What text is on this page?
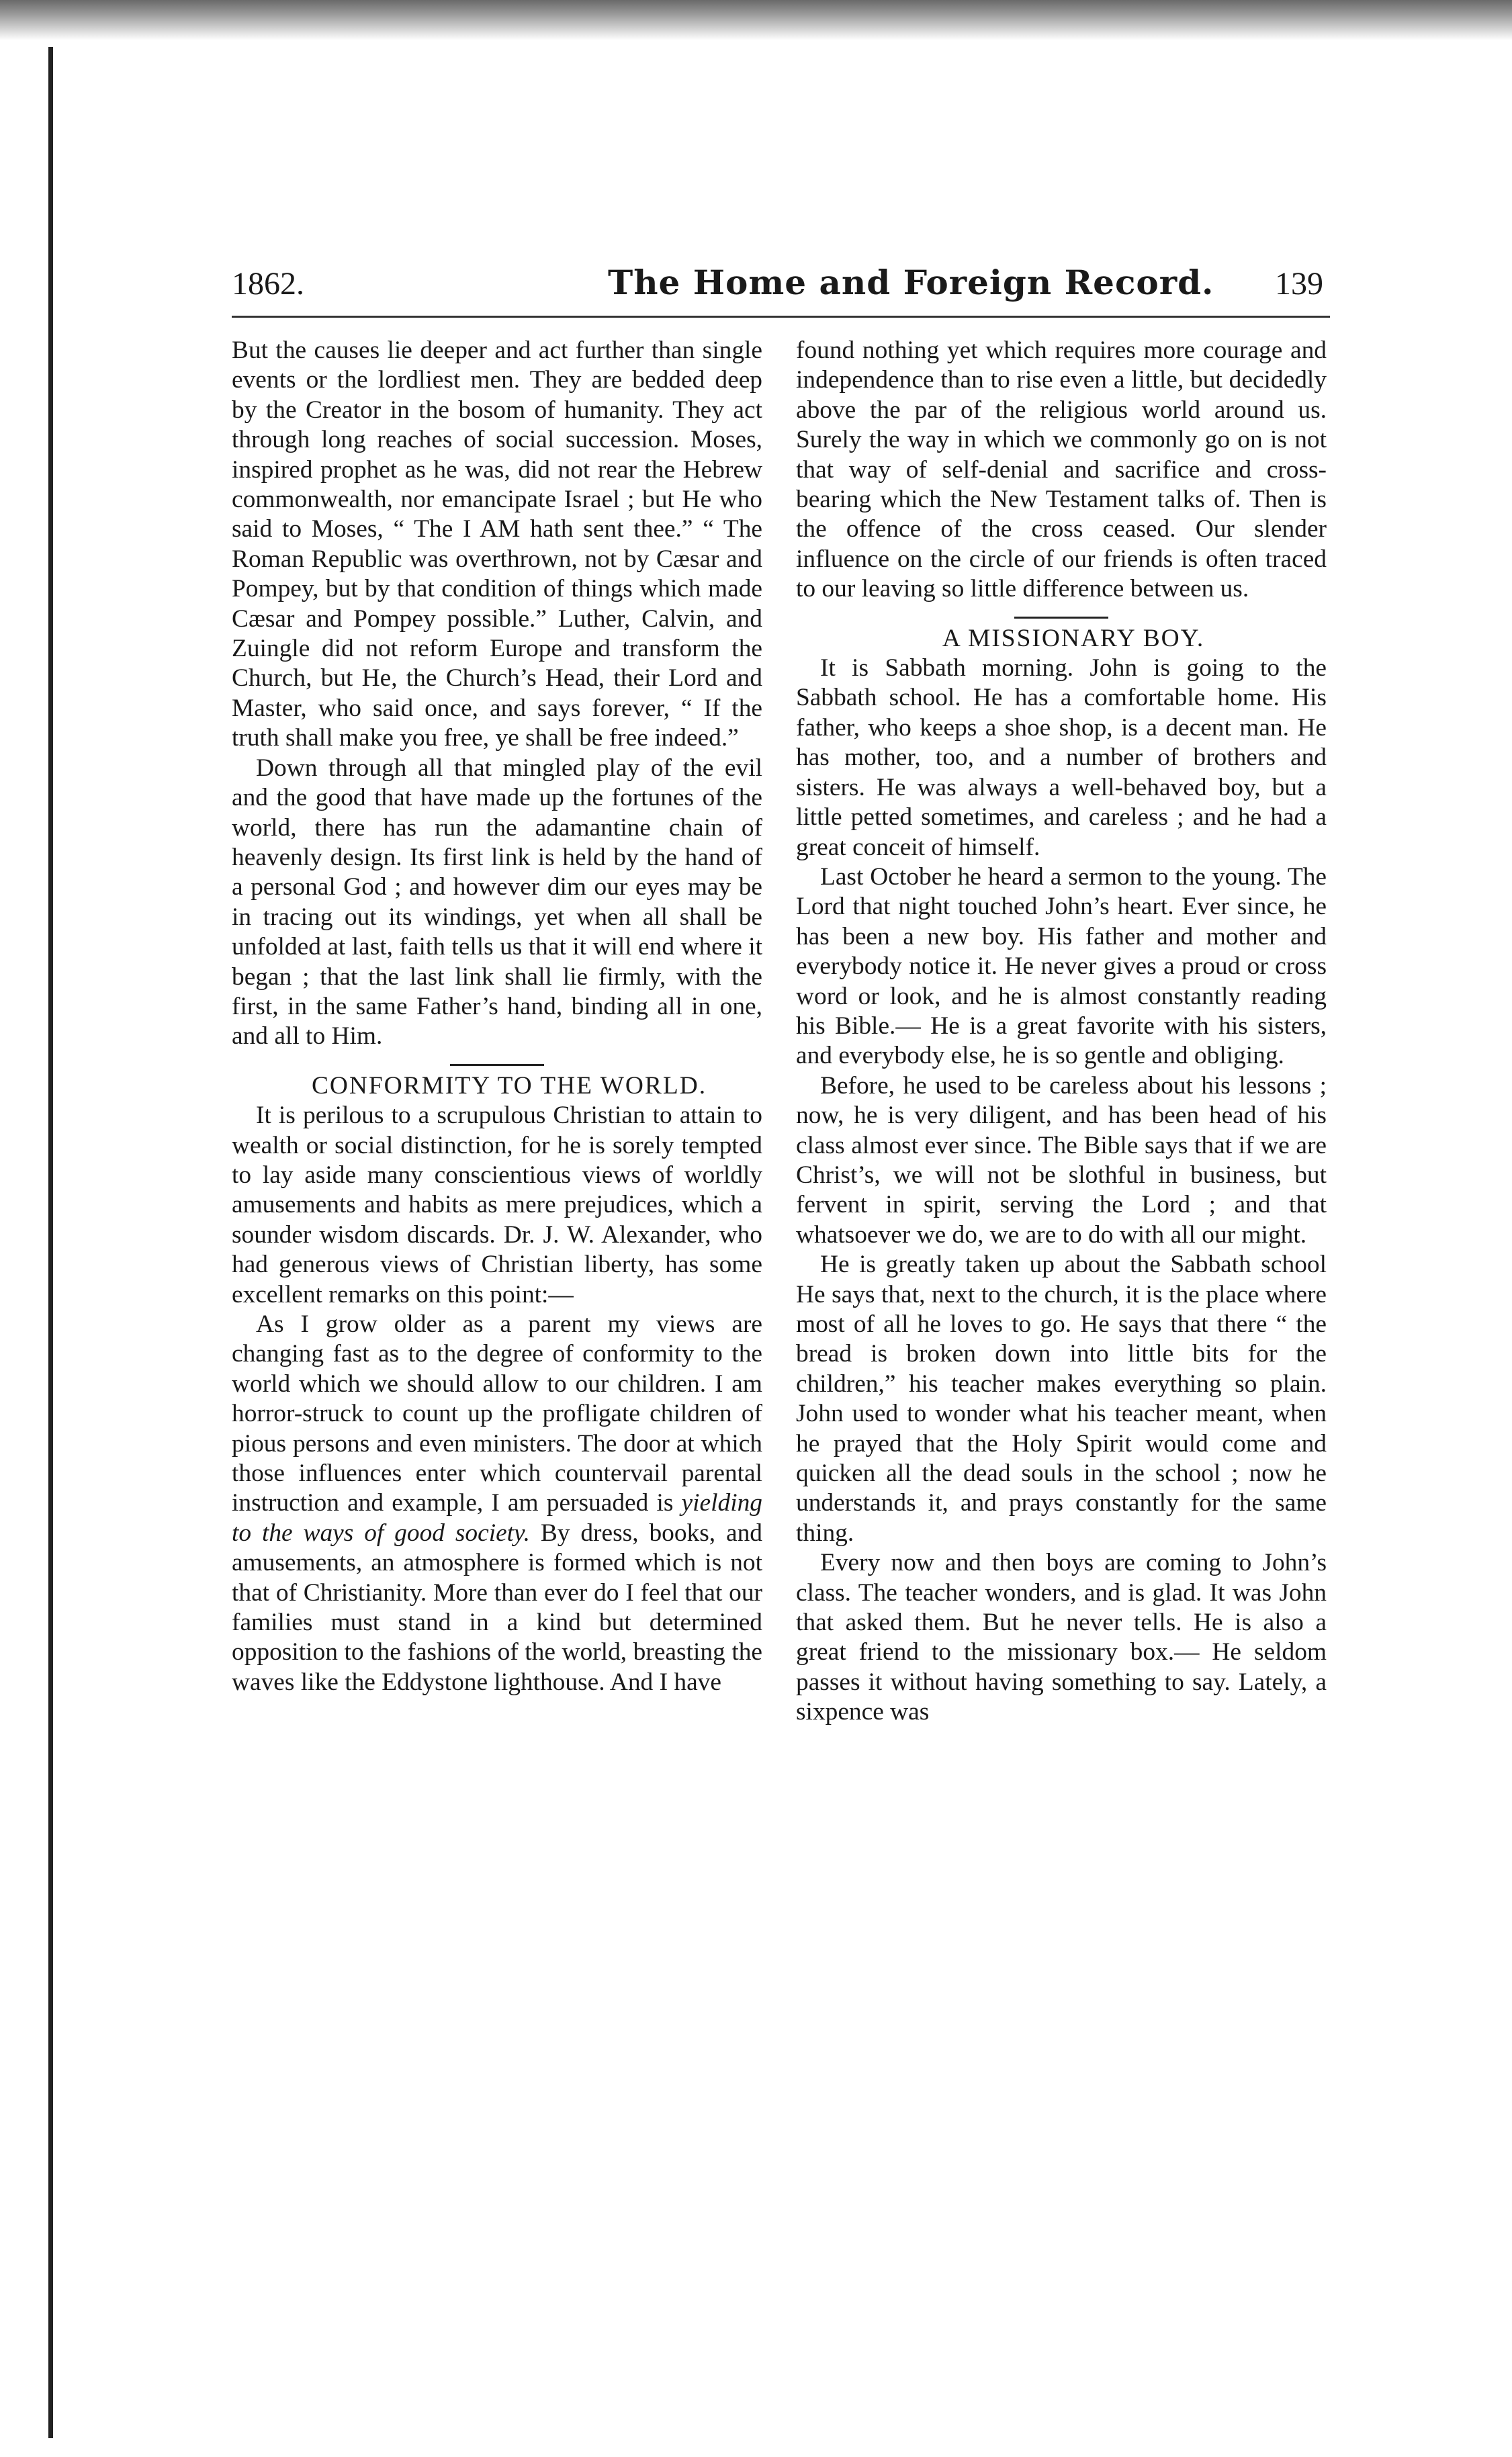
1862.	The Home and Foreign Record. 139

But the causes lie deeper and act further than single events or the lordliest men. They are bedded deep by the Creator in the bosom of humanity. They act through long reaches of social succession. Moses, inspired prophet as he was, did not rear the Hebrew commonwealth, nor emancipate Israel ; but He who said to Moses, “ The I AM hath sent thee.” “ The Roman Republic was overthrown, not by Cæsar and Pompey, but by that condition of things which made Cæsar and Pompey possible.” Luther, Calvin, and Zuingle did not reform Europe and transform the Church, but He, the Church’s Head, their Lord and Master, who said once, and says forever, “ If the truth shall make you free, ye shall be free indeed.”

Down through all that mingled play of the evil and the good that have made up the fortunes of the world, there has run the adamantine chain of heavenly design. Its first link is held by the hand of a personal God ; and however dim our eyes may be in tracing out its windings, yet when all shall be unfolded at last, faith tells us that it will end where it began ; that the last link shall lie firmly, with the first, in the same Father’s hand, binding all in one, and all to Him.

CONFORMITY TO THE WORLD.

It is perilous to a scrupulous Christian to attain to wealth or social distinction, for he is sorely tempted to lay aside many conscientious views of worldly amusements and habits as mere prejudices, which a sounder wisdom discards. Dr. J. W. Alexander, who had generous views of Christian liberty, has some excellent remarks on this point:—

As I grow older as a parent my views are changing fast as to the degree of conformity to the world which we should allow to our children. I am horror-struck to count up the profligate children of pious persons and even ministers. The door at which those influences enter which countervail parental instruction and example, I am persuaded is yielding to the ways of good society. By dress, books, and amusements, an atmosphere is formed which is not that of Christianity. More than ever do I feel that our families must stand in a kind but determined opposition to the fashions of the world, breasting the waves like the Eddystone lighthouse. And I have

found nothing yet which requires more courage and independence than to rise even a little, but decidedly above the par of the religious world around us. Surely the way in which we commonly go on is not that way of self-denial and sacrifice and cross-bearing which the New Testament talks of. Then is the offence of the cross ceased. Our slender influence on the circle of our friends is often traced to our leaving so little difference between us.

A MISSIONARY BOY.

It is Sabbath morning. John is going to the Sabbath school. He has a comfortable home. His father, who keeps a shoe shop, is a decent man. He has mother, too, and a number of brothers and sisters. He was always a well-behaved boy, but a little petted sometimes, and careless ; and he had a great conceit of himself.

Last October he heard a sermon to the young. The Lord that night touched John’s heart. Ever since, he has been a new boy. His father and mother and everybody notice it. He never gives a proud or cross word or look, and he is almost constantly reading his Bible.— He is a great favorite with his sisters, and everybody else, he is so gentle and obliging.

Before, he used to be careless about his lessons ; now, he is very diligent, and has been head of his class almost ever since. The Bible says that if we are Christ’s, we will not be slothful in business, but fervent in spirit, serving the Lord ; and that whatsoever we do, we are to do with all our might.

He is greatly taken up about the Sabbath school He says that, next to the church, it is the place where most of all he loves to go. He says that there “ the bread is broken down into little bits for the children,” his teacher makes everything so plain. John used to wonder what his teacher meant, when he prayed that the Holy Spirit would come and quicken all the dead souls in the school ; now he understands it, and prays constantly for the same thing.

Every now and then boys are coming to John’s class. The teacher wonders, and is glad. It was John that asked them. But he never tells. He is also a great friend to the missionary box.— He seldom passes it without having something to say. Lately, a sixpence was
